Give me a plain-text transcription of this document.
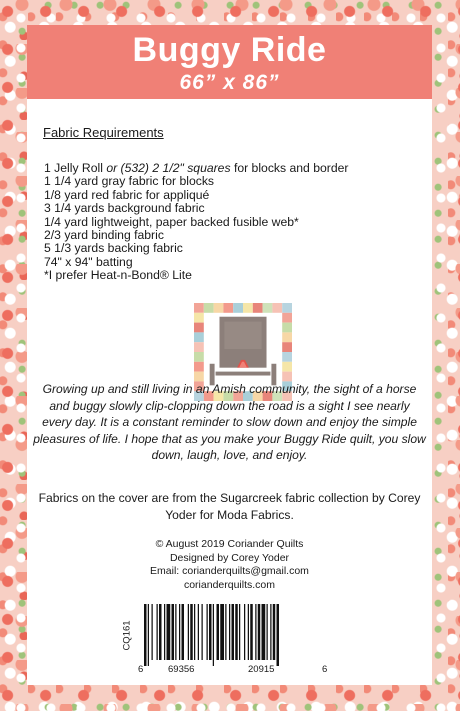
Buggy Ride
66” x 86”
Fabric Requirements
1 Jelly Roll or (532) 2 1/2" squares for blocks and border
1 1/4 yard gray fabric for blocks
1/8 yard red fabric for appliqué
3 1/4 yards background fabric
1/4 yard lightweight, paper backed fusible web*
2/3 yard binding fabric
5 1/3 yards backing fabric
74" x 94" batting
*I prefer Heat-n-Bond® Lite
Growing up and still living in an Amish community, the sight of a horse and buggy slowly clip-clopping down the road is a sight I see nearly every day. It is a constant reminder to slow down and enjoy the simple pleasures of life. I hope that as you make your Buggy Ride quilt, you slow down, laugh, love, and enjoy.
Fabrics on the cover are from the Sugarcreek fabric collection by Corey Yoder for Moda Fabrics.
© August 2019 Coriander Quilts
Designed by Corey Yoder
Email: corianderquilts@gmail.com
corianderquilts.com
CQ161
6	69356	20915	6
